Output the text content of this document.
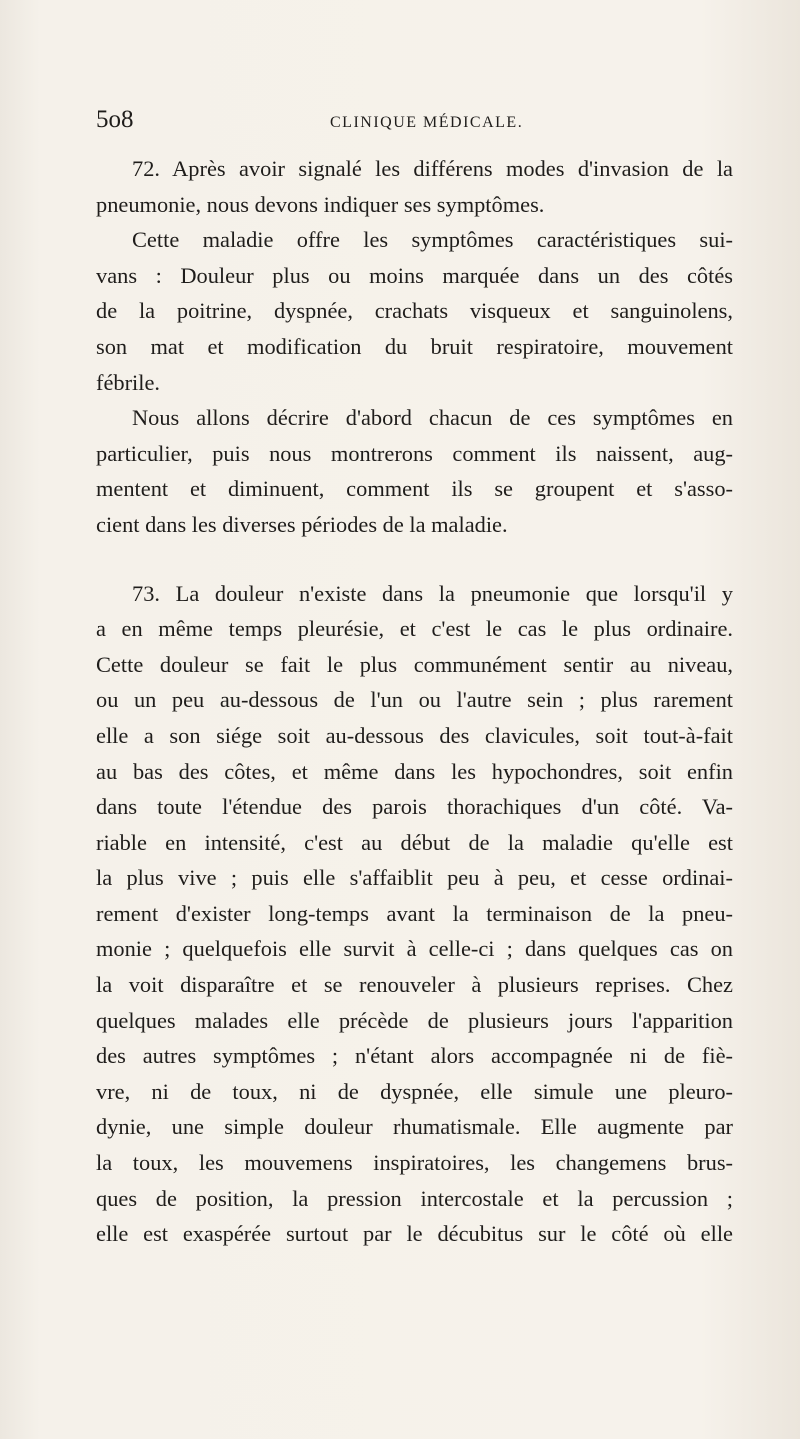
5o8	CLINIQUE MÉDICALE.
72. Après avoir signalé les différens modes d'invasion de la
pneumonie, nous devons indiquer ses symptômes.
Cette maladie offre les symptômes caractéristiques sui-
vans : Douleur plus ou moins marquée dans un des côtés
de la poitrine, dyspnée, crachats visqueux et sanguinolens,
son mat et modification du bruit respiratoire, mouvement
fébrile.
Nous allons décrire d'abord chacun de ces symptômes en
particulier, puis nous montrerons comment ils naissent, aug-
mentent et diminuent, comment ils se groupent et s'asso-
cient dans les diverses périodes de la maladie.
73. La douleur n'existe dans la pneumonie que lorsqu'il y
a en même temps pleurésie, et c'est le cas le plus ordinaire.
Cette douleur se fait le plus communément sentir au niveau,
ou un peu au-dessous de l'un ou l'autre sein ; plus rarement
elle a son siége soit au-dessous des clavicules, soit tout-à-fait
au bas des côtes, et même dans les hypochondres, soit enfin
dans toute l'étendue des parois thorachiques d'un côté. Va-
riable en intensité, c'est au début de la maladie qu'elle est
la plus vive ; puis elle s'affaiblit peu à peu, et cesse ordinai-
rement d'exister long-temps avant la terminaison de la pneu-
monie ; quelquefois elle survit à celle-ci ; dans quelques cas on
la voit disparaître et se renouveler à plusieurs reprises. Chez
quelques malades elle précède de plusieurs jours l'apparition
des autres symptômes ; n'étant alors accompagnée ni de fiè-
vre, ni de toux, ni de dyspnée, elle simule une pleuro-
dynie, une simple douleur rhumatismale. Elle augmente par
la toux, les mouvemens inspiratoires, les changemens brus-
ques de position, la pression intercostale et la percussion ;
elle est exaspérée surtout par le décubitus sur le côté où elle
